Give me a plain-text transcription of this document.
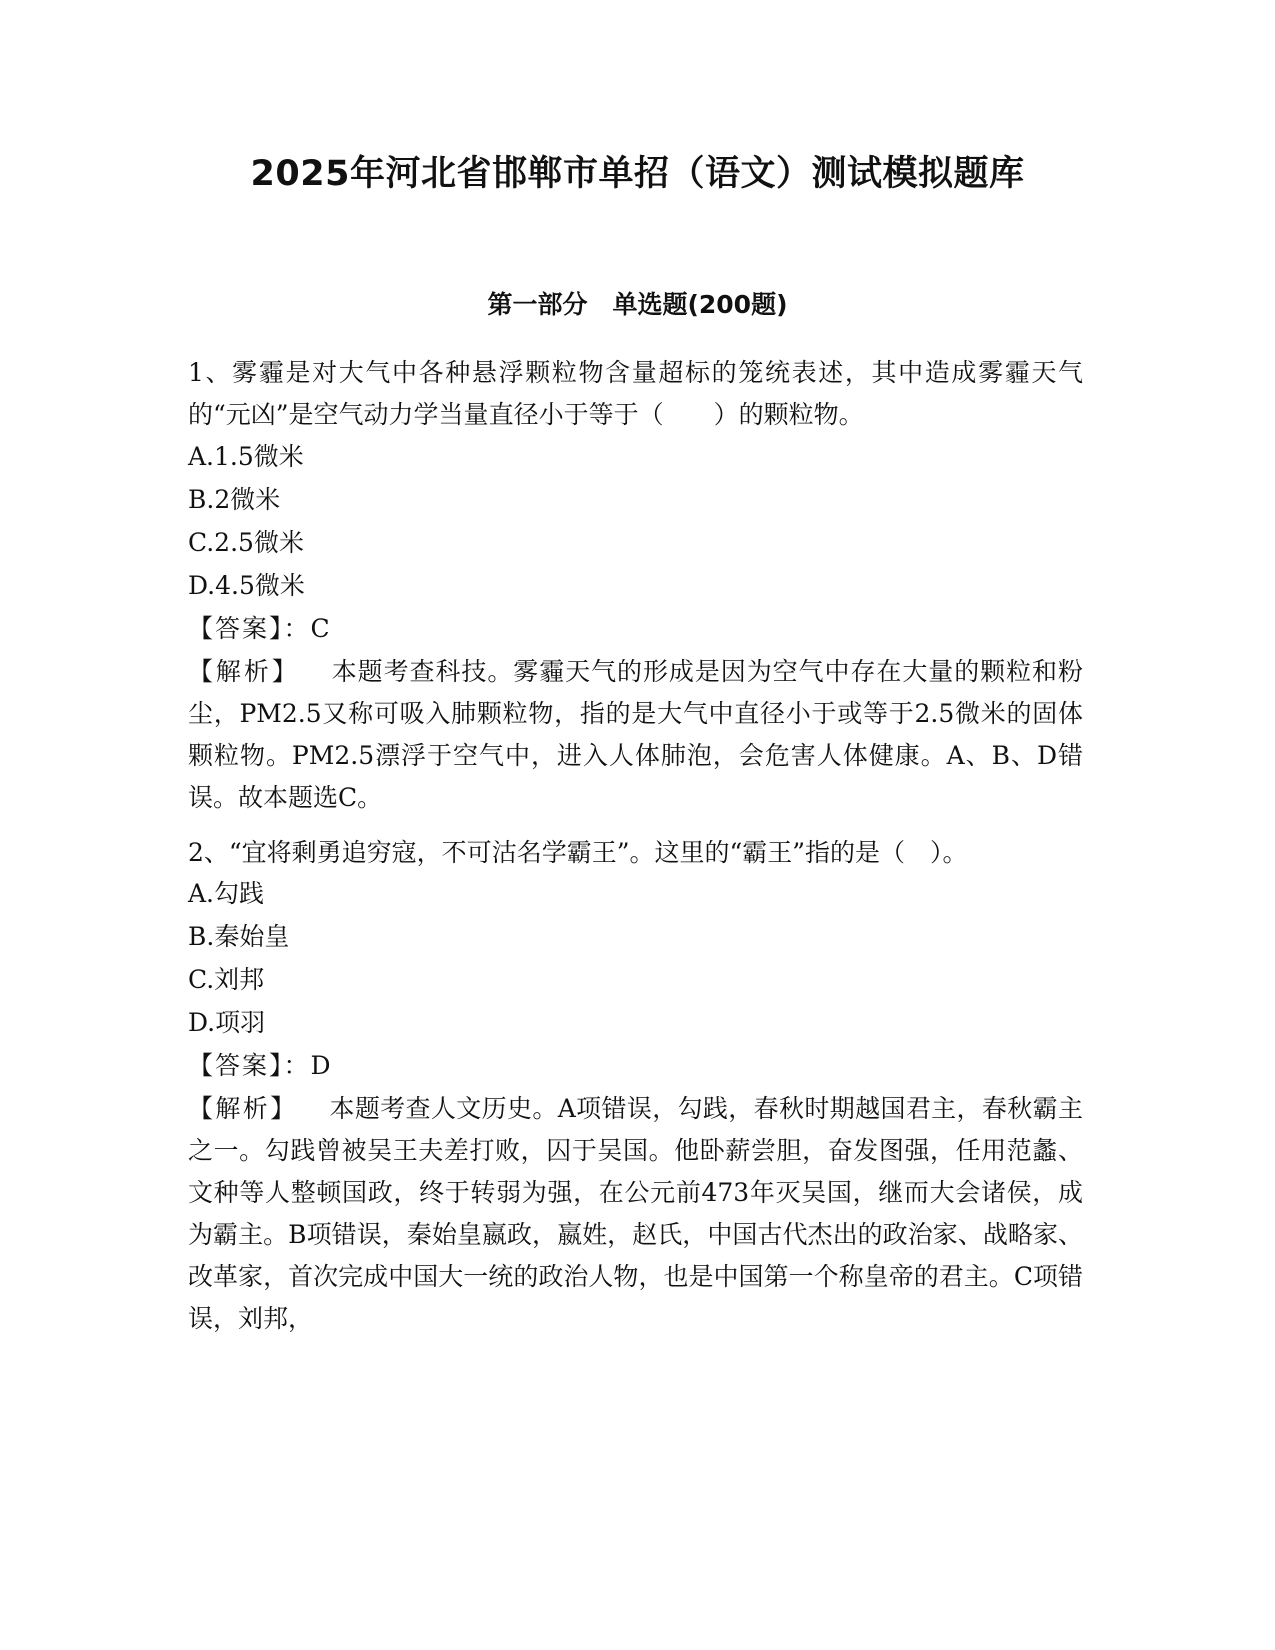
2025年河北省邯郸市单招（语文）测试模拟题库
第一部分　单选题(200题)

1、雾霾是对大气中各种悬浮颗粒物含量超标的笼统表述，其中造成雾霾天气的“元凶”是空气动力学当量直径小于等于（　　）的颗粒物。

A.1.5微米

B.2微米

C.2.5微米

D.4.5微米

【答案】：C

【解析】 本题考查科技。雾霾天气的形成是因为空气中存在大量的颗粒和粉尘，PM2.5又称可吸入肺颗粒物，指的是大气中直径小于或等于2.5微米的固体颗粒物。PM2.5漂浮于空气中，进入人体肺泡，会危害人体健康。A、B、D错误。故本题选C。

2、“宜将剩勇追穷寇，不可沽名学霸王”。这里的“霸王”指的是（　）。

A.勾践

B.秦始皇

C.刘邦

D.项羽

【答案】：D

【解析】 本题考查人文历史。A项错误，勾践，春秋时期越国君主，春秋霸主之一。勾践曾被吴王夫差打败，囚于吴国。他卧薪尝胆，奋发图强，任用范蠡、文种等人整顿国政，终于转弱为强，在公元前473年灭吴国，继而大会诸侯，成为霸主。B项错误，秦始皇嬴政，嬴姓，赵氏，中国古代杰出的政治家、战略家、改革家，首次完成中国大一统的政治人物，也是中国第一个称皇帝的君主。C项错误，刘邦，
